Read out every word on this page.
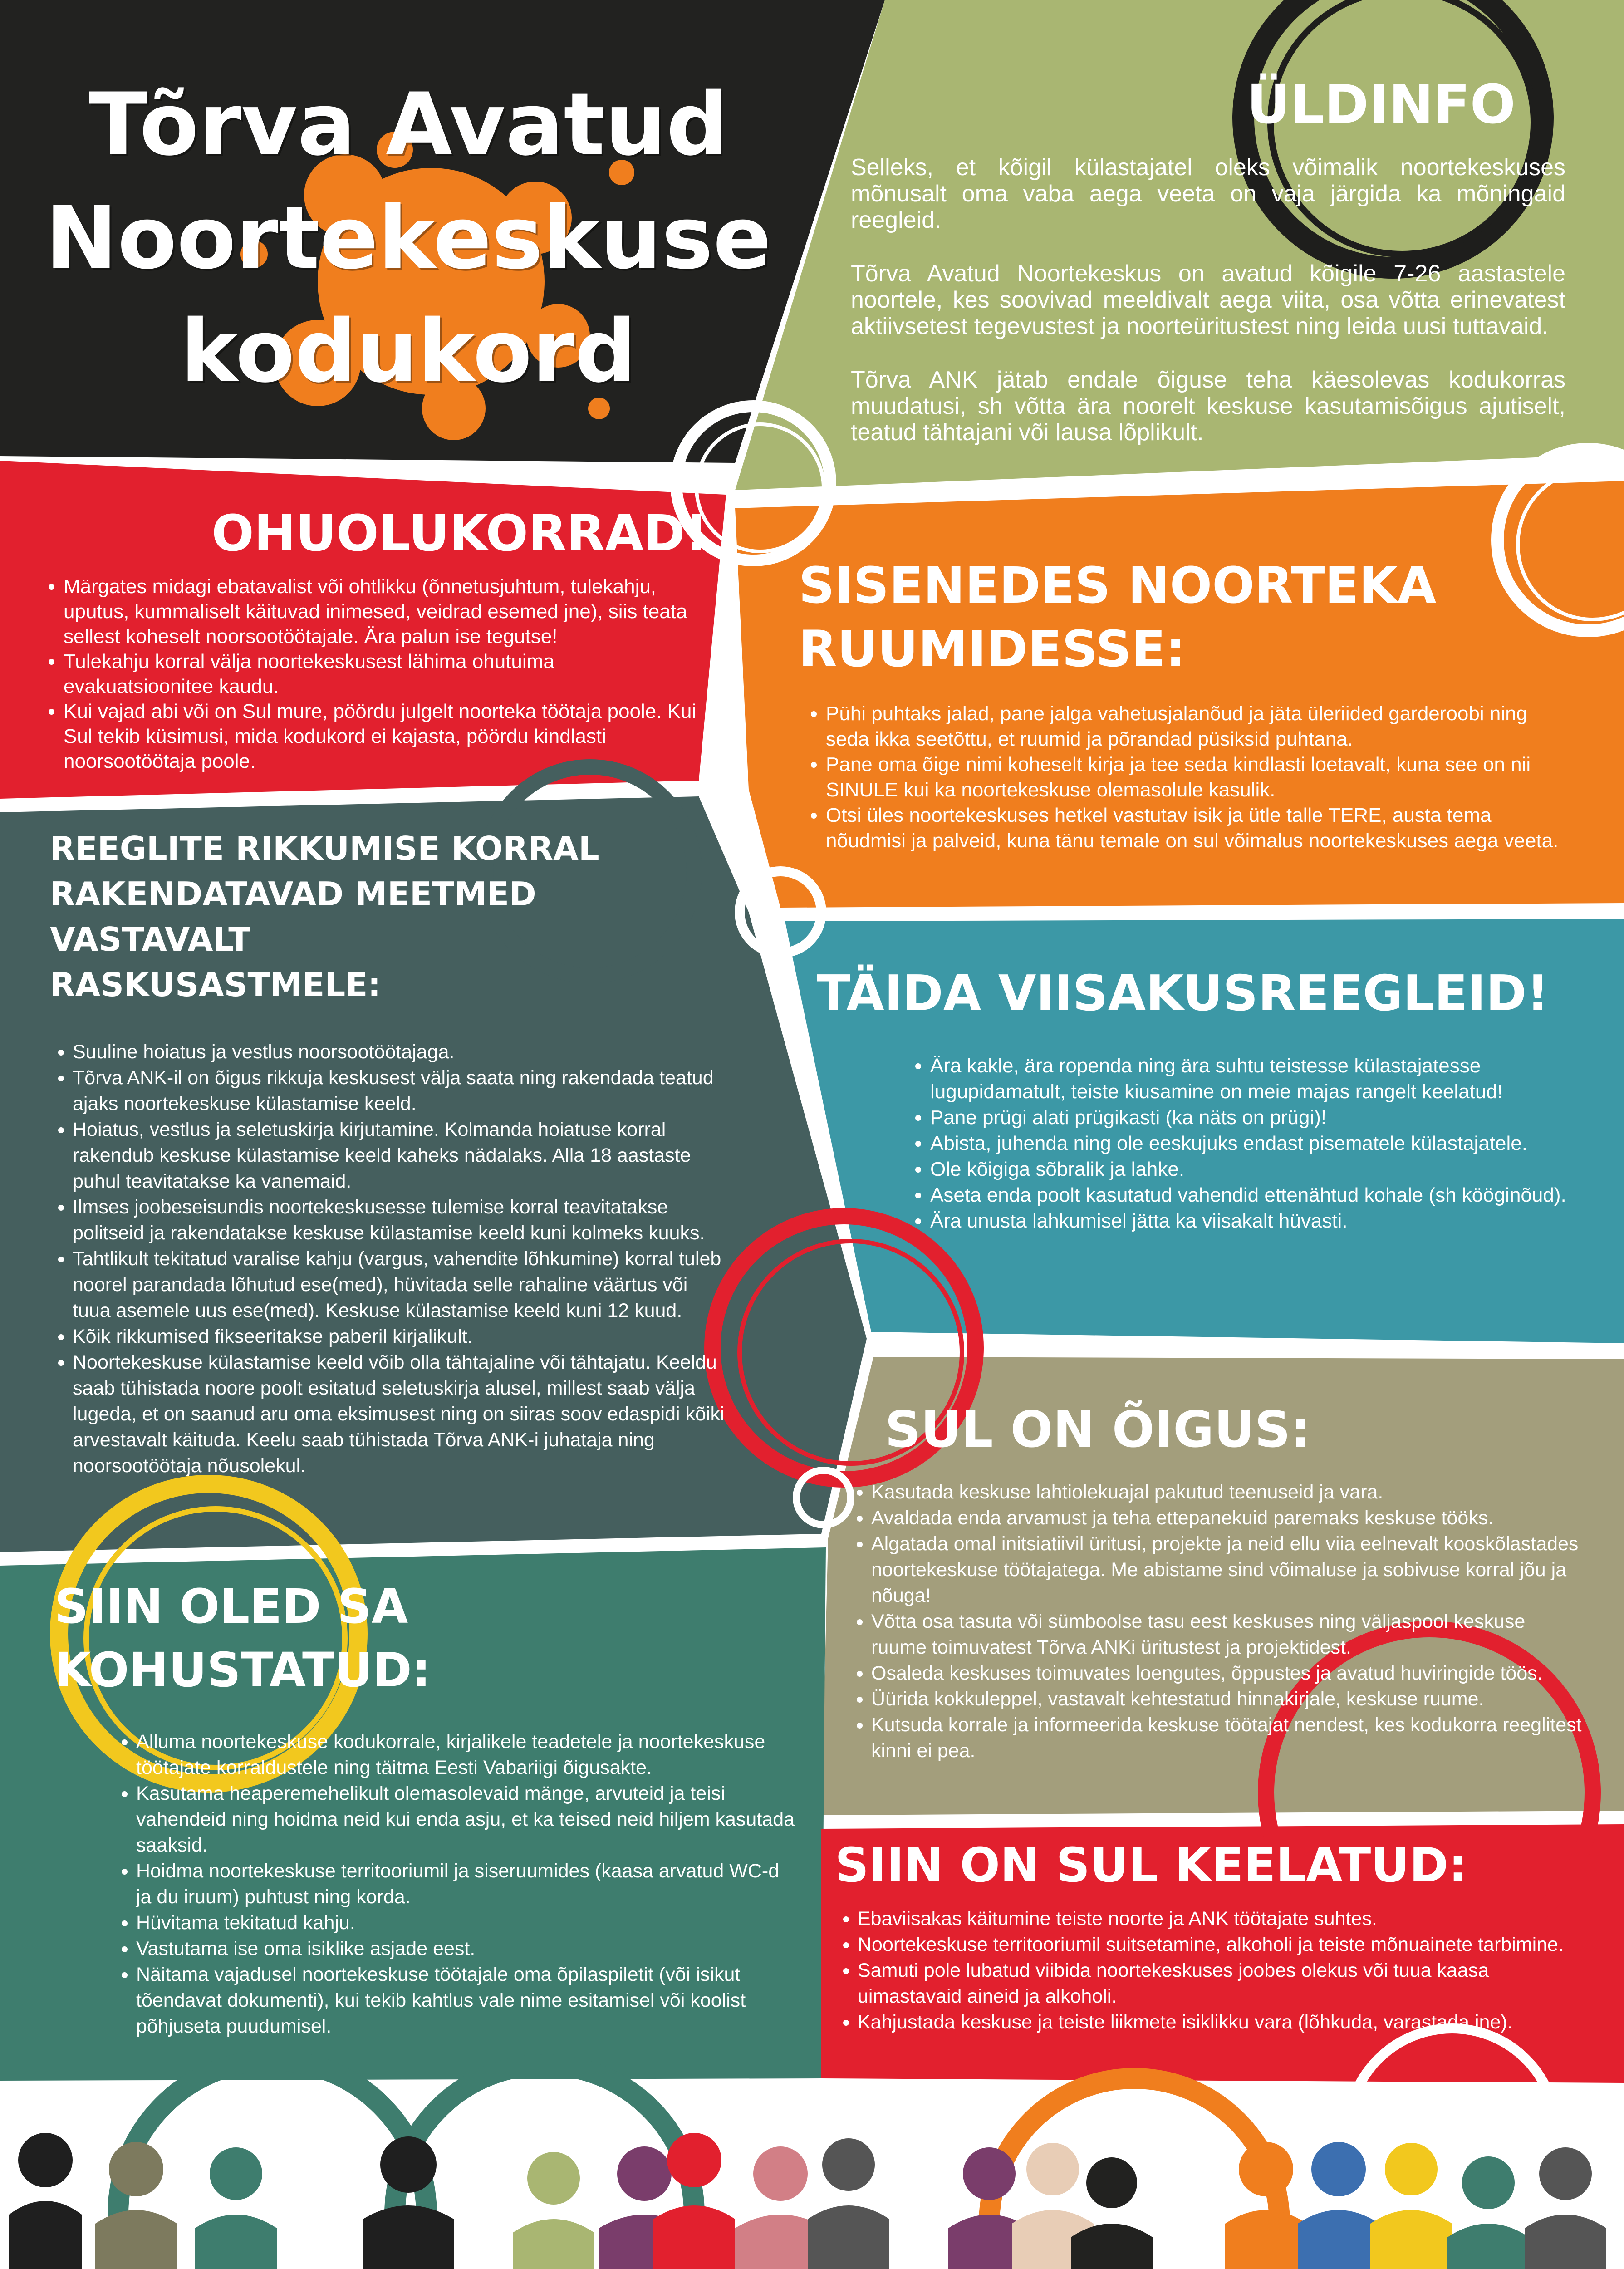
Tõrva Avatud
Noortekeskuse
kodukord
ÜLDINFO

Selleks, et kõigil külastajatel oleks võimalik noortekeskuses mõnusalt oma vaba aega veeta on vaja järgida ka mõningaid reegleid.

Tõrva Avatud Noortekeskus on avatud kõigile 7-26 aastastele noortele, kes soovivad meeldivalt aega viita, osa võtta erinevatest aktiivsetest tegevustest ja noorteüritustest ning leida uusi tuttavaid.

Tõrva ANK jätab endale õiguse teha käesolevas kodukorras muudatusi, sh võtta ära noorelt keskuse kasutamisõigus ajutiselt, teatud tähtajani või lausa lõplikult.

OHUOLUKORRAD!
• Märgates midagi ebatavalist või ohtlikku (õnnetusjuhtum, tulekahju, uputus, kummaliselt käituvad inimesed, veidrad esemed jne), siis teata sellest koheselt noorsootöötajale. Ära palun ise tegutse!
• Tulekahju korral välja noortekeskusest lähima ohutuima evakuatsioonitee kaudu.
• Kui vajad abi või on Sul mure, pöördu julgelt noorteka töötaja poole. Kui Sul tekib küsimusi, mida kodukord ei kajasta, pöördu kindlasti noorsootöötaja poole.
SISENEDES NOORTEKA
RUUMIDESSE:
• Pühi puhtaks jalad, pane jalga vahetusjalanõud ja jäta üleriided garderoobi ning seda ikka seetõttu, et ruumid ja põrandad püsiksid puhtana.
• Pane oma õige nimi koheselt kirja ja tee seda kindlasti loetavalt, kuna see on nii SINULE kui ka noortekeskuse olemasolule kasulik.
• Otsi üles noortekeskuses hetkel vastutav isik ja ütle talle TERE, austa tema nõudmisi ja palveid, kuna tänu temale on sul võimalus noortekeskuses aega veeta.
REEGLITE RIKKUMISE KORRAL
RAKENDATAVAD MEETMED VASTAVALT
RASKUSASTMELE:
• Suuline hoiatus ja vestlus noorsootöötajaga.
• Tõrva ANK-il on õigus rikkuja keskusest välja saata ning rakendada teatud ajaks noortekeskuse külastamise keeld.
• Hoiatus, vestlus ja seletuskirja kirjutamine. Kolmanda hoiatuse korral rakendub keskuse külastamise keeld kaheks nädalaks. Alla 18 aastaste puhul teavitatakse ka vanemaid.
• Ilmses joobeseisundis noortekeskusesse tulemise korral teavitatakse politseid ja rakendatakse keskuse külastamise keeld kuni kolmeks kuuks.
• Tahtlikult tekitatud varalise kahju (vargus, vahendite lõhkumine) korral tuleb noorel parandada lõhutud ese(med), hüvitada selle rahaline väärtus või tuua asemele uus ese(med). Keskuse külastamise keeld kuni 12 kuud.
• Kõik rikkumised fikseeritakse paberil kirjalikult.
• Noortekeskuse külastamise keeld võib olla tähtajaline või tähtajatu. Keeldu saab tühistada noore poolt esitatud seletuskirja alusel, millest saab välja lugeda, et on saanud aru oma eksimusest ning on siiras soov edaspidi kõiki arvestavalt käituda. Keelu saab tühistada Tõrva ANK-i juhataja ning noorsootöötaja nõusolekul.
TÄIDA VIISAKUSREEGLEID!
• Ära kakle, ära ropenda ning ära suhtu teistesse külastajatesse lugupidamatult, teiste kiusamine on meie majas rangelt keelatud!
• Pane prügi alati prügikasti (ka näts on prügi)!
• Abista, juhenda ning ole eeskujuks endast pisematele külastajatele.
• Ole kõigiga sõbralik ja lahke.
• Aseta enda poolt kasutatud vahendid ettenähtud kohale (sh kööginõud).
• Ära unusta lahkumisel jätta ka viisakalt hüvasti.
SUL ON ÕIGUS:
• Kasutada keskuse lahtiolekuajal pakutud teenuseid ja vara.
• Avaldada enda arvamust ja teha ettepanekuid paremaks keskuse tööks.
• Algatada omal initsiatiivil üritusi, projekte ja neid ellu viia eelnevalt kooskõlastades noortekeskuse töötajatega. Me abistame sind võimaluse ja sobivuse korral jõu ja nõuga!
• Võtta osa tasuta või sümboolse tasu eest keskuses ning väljaspool keskuse ruume toimuvatest Tõrva ANKi üritustest ja projektidest.
• Osaleda keskuses toimuvates loengutes, õppustes ja avatud huviringide töös.
• Üürida kokkuleppel, vastavalt kehtestatud hinnakirjale, keskuse ruume.
• Kutsuda korrale ja informeerida keskuse töötajat nendest, kes kodukorra reeglitest kinni ei pea.
SIIN OLED SA KOHUSTATUD:
• Alluma noortekeskuse kodukorrale, kirjalikele teadetele ja noortekeskuse töötajate korraldustele ning täitma Eesti Vabariigi õigusakte.
• Kasutama heaperemehelikult olemasolevaid mänge, arvuteid ja teisi vahendeid ning hoidma neid kui enda asju, et ka teised neid hiljem kasutada saaksid.
• Hoidma noortekeskuse territooriumil ja siseruumides (kaasa arvatud WC-d ja du iruum) puhtust ning korda.
• Hüvitama tekitatud kahju.
• Vastutama ise oma isiklike asjade eest.
• Näitama vajadusel noortekeskuse töötajale oma õpilaspiletit (või isikut tõendavat dokumenti), kui tekib kahtlus vale nime esitamisel või koolist põhjuseta puudumisel.
SIIN ON SUL KEELATUD:
• Ebaviisakas käitumine teiste noorte ja ANK töötajate suhtes.
• Noortekeskuse territooriumil suitsetamine, alkoholi ja teiste mõnuainete tarbimine.
• Samuti pole lubatud viibida noortekeskuses joobes olekus või tuua kaasa uimastavaid aineid ja alkoholi.
• Kahjustada keskuse ja teiste liikmete isiklikku vara (lõhkuda, varastada jne).
